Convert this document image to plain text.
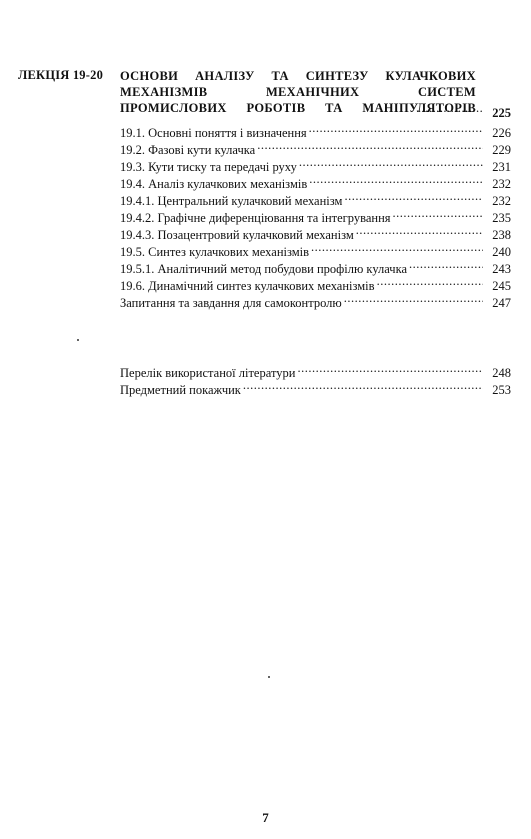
ЛЕКЦІЯ 19-20 ОСНОВИ АНАЛІЗУ ТА СИНТЕЗУ КУЛАЧКОВИХ
МЕХАНІЗМІВ МЕХАНІЧНИХ СИСТЕМ
ПРОМИСЛОВИХ РОБОТІВ ТА МАНІПУЛЯТОРІВ .....	225
19.1. Основні поняття і визначення .....	226
19.2. Фазові кути кулачка .....	229
19.3. Кути тиску та передачі руху .....	231
19.4. Аналіз кулачкових механізмів .....	232
19.4.1. Центральний кулачковий механізм .....	232
19.4.2. Графічне диференціювання та інтегрування .....	235
19.4.3. Позацентровий кулачковий механізм .....	238
19.5. Синтез кулачкових механізмів .....	240
19.5.1. Аналітичний метод побудови профілю кулачка .....	243
19.6. Динамічний синтез кулачкових механізмів .....	245
Запитання та завдання для самоконтролю .....	247
Перелік використаної літератури .....	248
Предметний покажчик .....	253
7
